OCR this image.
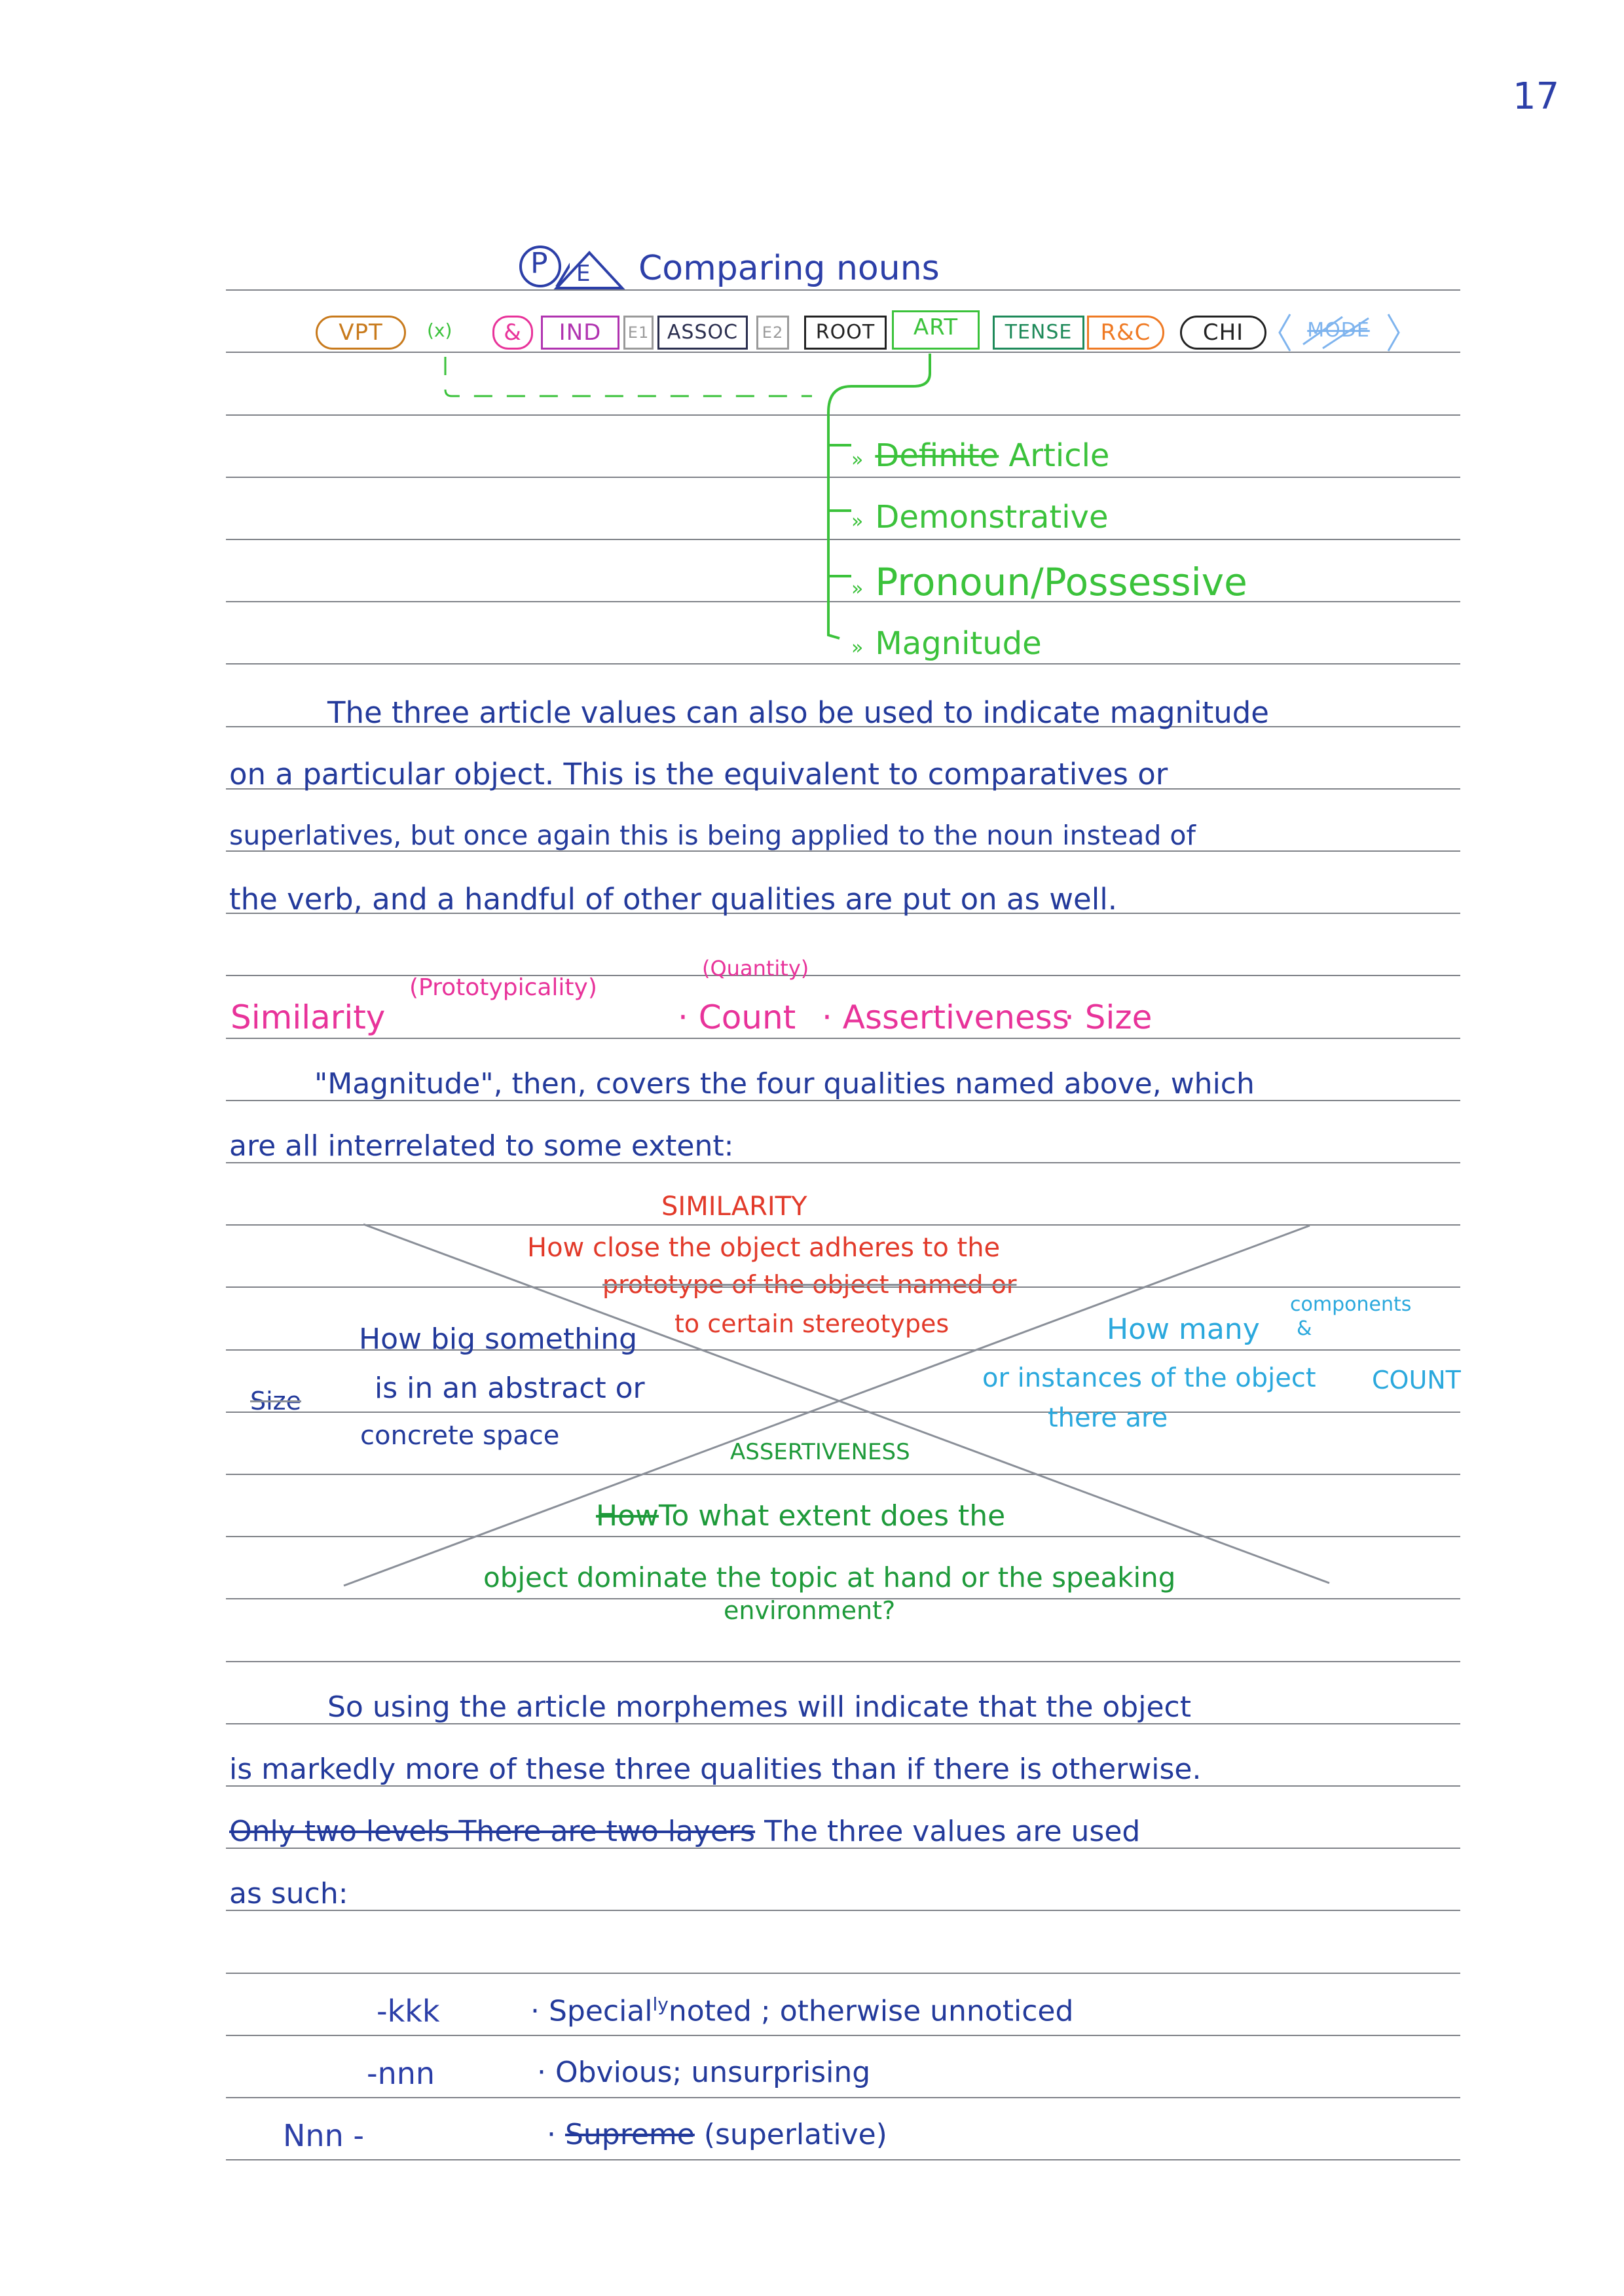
17
P E Comparing nouns
VPT	(x)	&	IND	E1 ASSOC	E2	ROOT	ART	TENSE	R&C	CHI	MODE
» Definite Article
» Demonstrative
» Pronoun/Possessive
» Magnitude
The three article values can also be used to indicate magnitude
on a particular object. This is the equivalent to comparatives or
superlatives, but once again this is being applied to the noun instead of
the verb, and a handful of other qualities are put on as well.
(Prototypicality)
(Quantity)
Similarity	· Count · Assertiveness
· Size
"Magnitude", then, covers the four qualities named above, which
are all interrelated to some extent:
SIMILARITY
How close the object adheres to the
prototype of the object named or
to certain stereotypes
Size
How big something
is in an abstract or
concrete space
How many
components
&
or instances of the object COUNT
there are
ASSERTIVENESS
HowTo what extent does the
object dominate the topic at hand or the speaking
environment?
So using the article morphemes will indicate that the object
is markedly more of these three qualities than if there is otherwise.
Only two levels There are two layers The three values are used
as such:
-kkk	· Special$^{ly}$noted ; otherwise unnoticed
-nnn	· Obvious; unsurprising
Nnn -	· Supreme (superlative)
